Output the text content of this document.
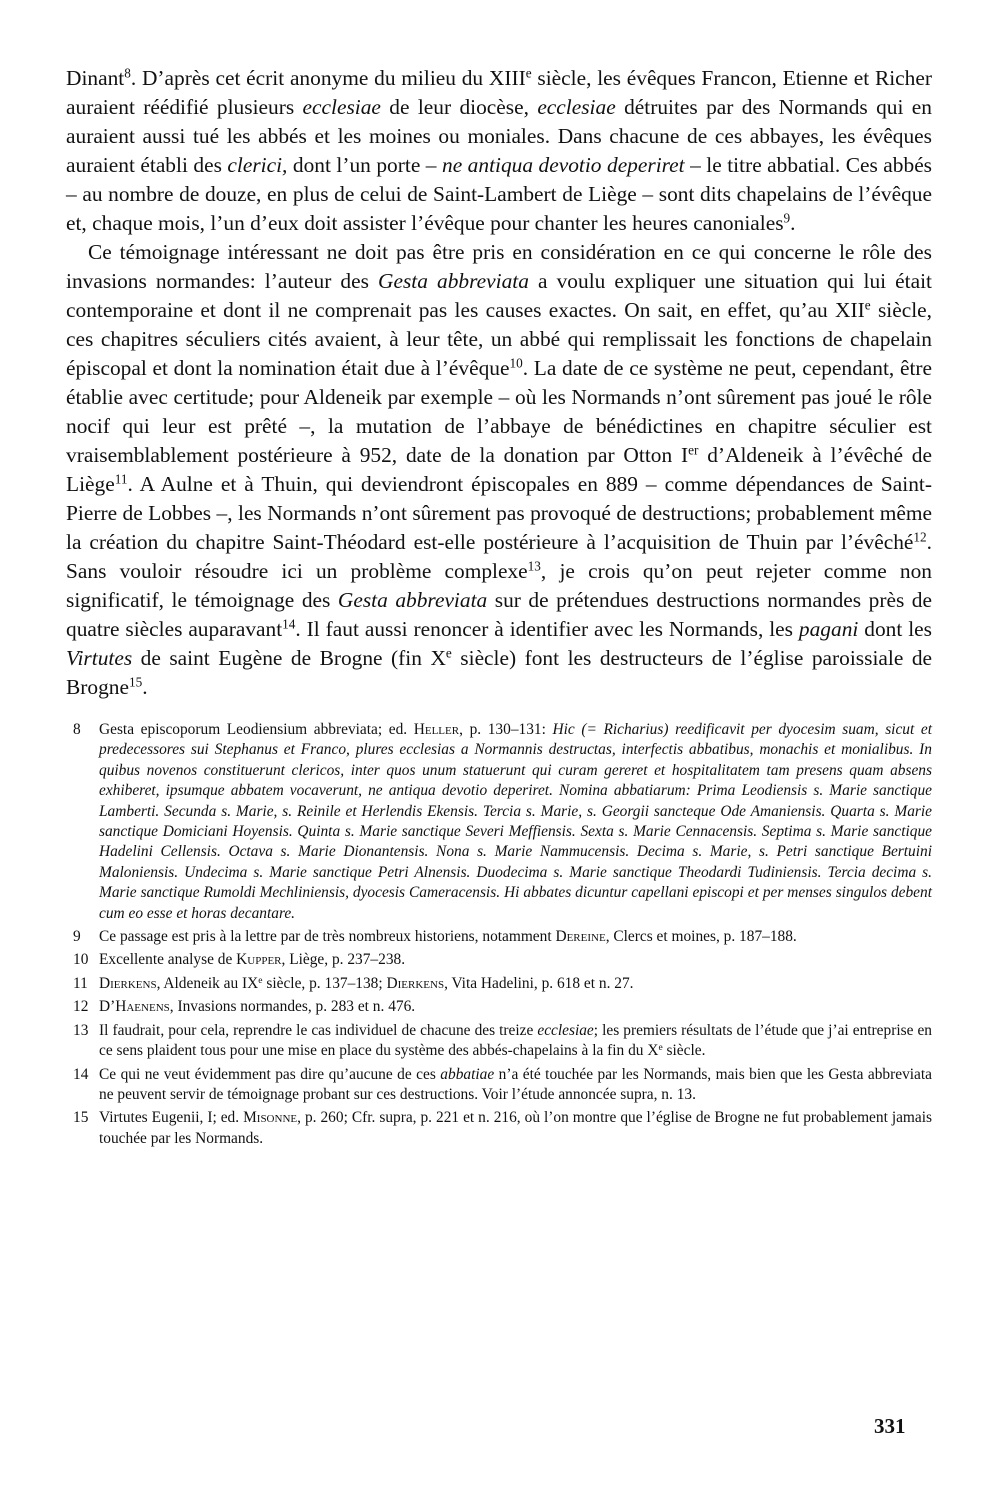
Dinant$^8$. D’après cet écrit anonyme du milieu du XIIIe siècle, les évêques Francon, Etienne et Richer auraient réédifié plusieurs ecclesiae de leur diocèse, ecclesiae détruites par des Normands qui en auraient aussi tué les abbés et les moines ou moniales. Dans chacune de ces abbayes, les évêques auraient établi des clerici, dont l’un porte – ne antiqua devotio deperiret – le titre abbatial. Ces abbés – au nombre de douze, en plus de celui de Saint-Lambert de Liège – sont dits chapelains de l’évêque et, chaque mois, l’un d’eux doit assister l’évêque pour chanter les heures canoniales$^9$.

Ce témoignage intéressant ne doit pas être pris en considération en ce qui concerne le rôle des invasions normandes: l’auteur des Gesta abbreviata a voulu expliquer une situation qui lui était contemporaine et dont il ne comprenait pas les causes exactes. On sait, en effet, qu’au XIIe siècle, ces chapitres séculiers cités avaient, à leur tête, un abbé qui remplissait les fonctions de chapelain épiscopal et dont la nomination était due à l’évêque$^{10}$. La date de ce système ne peut, cependant, être établie avec certitude; pour Aldeneik par exemple – où les Normands n’ont sûrement pas joué le rôle nocif qui leur est prêté –, la mutation de l’abbaye de bénédictines en chapitre séculier est vraisemblablement postérieure à 952, date de la donation par Otton Ier d’Aldeneik à l’évêché de Liège$^{11}$. A Aulne et à Thuin, qui deviendront épiscopales en 889 – comme dépendances de Saint-Pierre de Lobbes –, les Normands n’ont sûrement pas provoqué de destructions; probablement même la création du chapitre Saint-Théodard est-elle postérieure à l’acquisition de Thuin par l’évêché$^{12}$. Sans vouloir résoudre ici un problème complexe$^{13}$, je crois qu’on peut rejeter comme non significatif, le témoignage des Gesta abbreviata sur de prétendues destructions normandes près de quatre siècles auparavant$^{14}$. Il faut aussi renoncer à identifier avec les Normands, les pagani dont les Virtutes de saint Eugène de Brogne (fin Xe siècle) font les destructeurs de l’église paroissiale de Brogne$^{15}$.

8	Gesta episcoporum Leodiensium abbreviata; ed. Heller, p. 130–131: Hic (= Richarius) reedificavit per dyocesim suam, sicut et predecessores sui Stephanus et Franco, plures ecclesias a Normannis destructas, interfectis abbatibus, monachis et monialibus. In quibus novenos constituerunt clericos, inter quos unum statuerunt qui curam gereret et hospitalitatem tam presens quam absens exhiberet, ipsumque abbatem vocaverunt, ne antiqua devotio deperiret. Nomina abbatiarum: Prima Leodiensis s. Marie sanctique Lamberti. Secunda s. Marie, s. Reinile et Herlendis Ekensis. Tercia s. Marie, s. Georgii sancteque Ode Amaniensis. Quarta s. Marie sanctique Domiciani Hoyensis. Quinta s. Marie sanctique Severi Meffiensis. Sexta s. Marie Cennacensis. Septima s. Marie sanctique Hadelini Cellensis. Octava s. Marie Dionantensis. Nona s. Marie Nammucensis. Decima s. Marie, s. Petri sanctique Bertuini Maloniensis. Undecima s. Marie sanctique Petri Alnensis. Duodecima s. Marie sanctique Theodardi Tudiniensis. Tercia decima s. Marie sanctique Rumoldi Mechliniensis, dyocesis Cameracensis. Hi abbates dicuntur capellani episcopi et per menses singulos debent cum eo esse et horas decantare.
9	Ce passage est pris à la lettre par de très nombreux historiens, notamment Dereine, Clercs et moines, p. 187–188.
10 Excellente analyse de Kupper, Liège, p. 237–238.
11 Dierkens, Aldeneik au IXe siècle, p. 137–138; Dierkens, Vita Hadelini, p. 618 et n. 27.
12 D’Haenens, Invasions normandes, p. 283 et n. 476.
13 Il faudrait, pour cela, reprendre le cas individuel de chacune des treize ecclesiae; les premiers résultats de l’étude que j’ai entreprise en ce sens plaident tous pour une mise en place du système des abbés-chapelains à la fin du Xe siècle.
14 Ce qui ne veut évidemment pas dire qu’aucune de ces abbatiae n’a été touchée par les Normands, mais bien que les Gesta abbreviata ne peuvent servir de témoignage probant sur ces destructions. Voir l’étude annoncée supra, n. 13.
15 Virtutes Eugenii, I; ed. Misonne, p. 260; Cfr. supra, p. 221 et n. 216, où l’on montre que l’église de Brogne ne fut probablement jamais touchée par les Normands.
331
